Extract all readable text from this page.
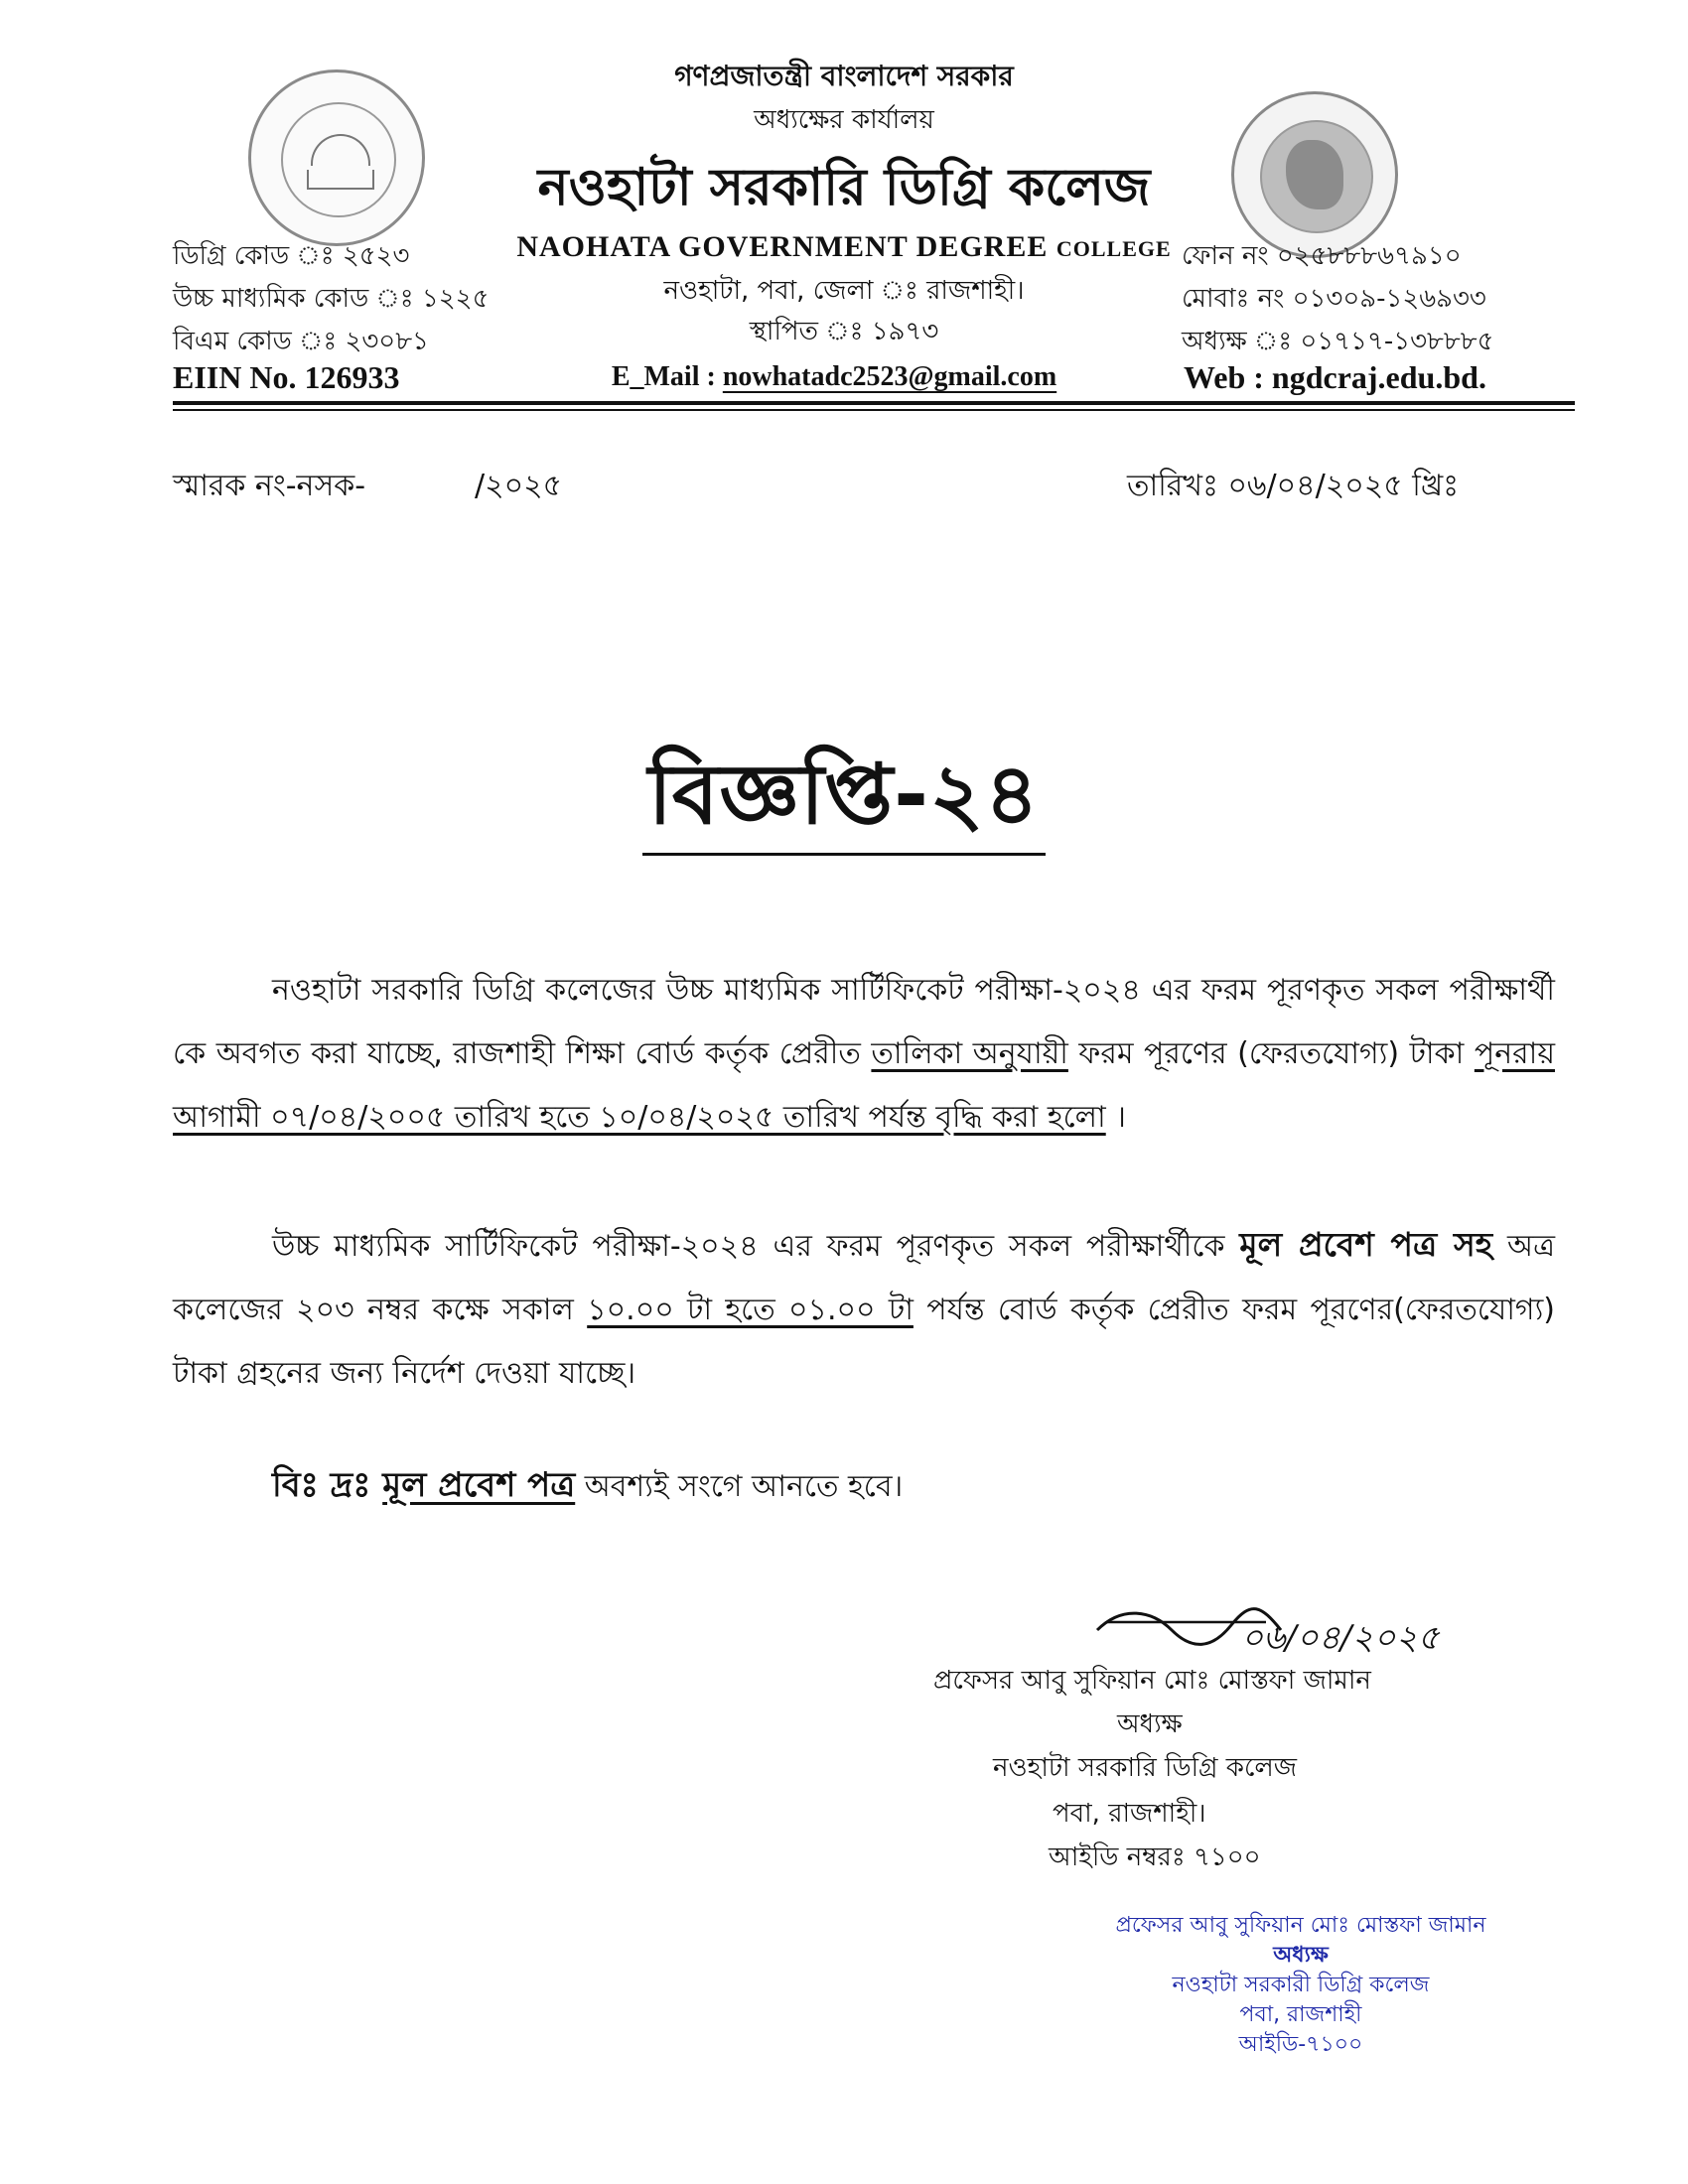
গণপ্রজাতন্ত্রী বাংলাদেশ সরকার
অধ্যক্ষের কার্যালয়
নওহাটা সরকারি ডিগ্রি কলেজ
NAOHATA GOVERNMENT DEGREE COLLEGE
নওহাটা, পবা, জেলা ঃ রাজশাহী।
স্থাপিত ঃ ১৯৭৩
E_Mail : nowhatadc2523@gmail.com
ডিগ্রি কোড ঃ ২৫২৩
উচ্চ মাধ্যমিক কোড ঃ ১২২৫
বিএম কোড ঃ ২৩০৮১
EIIN No. 126933
ফোন নং ০২৫৮৮৮৬৭৯১০
মোবাঃ নং ০১৩০৯-১২৬৯৩৩
অধ্যক্ষ ঃ ০১৭১৭-১৩৮৮৮৫
Web : ngdcraj.edu.bd.
স্মারক নং-নসক-	/২০২৫	তারিখঃ ০৬/০৪/২০২৫ খ্রিঃ
বিজ্ঞপ্তি-২৪
নওহাটা সরকারি ডিগ্রি কলেজের উচ্চ মাধ্যমিক সার্টিফিকেট পরীক্ষা-২০২৪ এর ফরম পূরণকৃত সকল পরীক্ষার্থী কে অবগত করা যাচ্ছে, রাজশাহী শিক্ষা বোর্ড কর্তৃক প্রেরীত তালিকা অনুযায়ী ফরম পূরণের (ফেরতযোগ্য) টাকা পূনরায় আগামী ০৭/০৪/২০০৫ তারিখ হতে ১০/০৪/২০২৫ তারিখ পর্যন্ত বৃদ্ধি করা হলো ।
উচ্চ মাধ্যমিক সার্টিফিকেট পরীক্ষা-২০২৪ এর ফরম পূরণকৃত সকল পরীক্ষার্থীকে মূল প্রবেশ পত্র সহ অত্র কলেজের ২০৩ নম্বর কক্ষে সকাল ১০.০০ টা হতে ০১.০০ টা পর্যন্ত বোর্ড কর্তৃক প্রেরীত ফরম পূরণের(ফেরতযোগ্য) টাকা গ্রহনের জন্য নির্দেশ দেওয়া যাচ্ছে।
বিঃ দ্রঃ মূল প্রবেশ পত্র অবশ্যই সংগে আনতে হবে।
০৬/০৪/২০২৫
প্রফেসর আবু সুফিয়ান মোঃ মোস্তফা জামান
অধ্যক্ষ
নওহাটা সরকারি ডিগ্রি কলেজ
পবা, রাজশাহী।
আইডি নম্বরঃ ৭১০০
প্রফেসর আবু সুফিয়ান মোঃ মোস্তফা জামান
অধ্যক্ষ
নওহাটা সরকারী ডিগ্রি কলেজ
পবা, রাজশাহী
আইডি-৭১০০
